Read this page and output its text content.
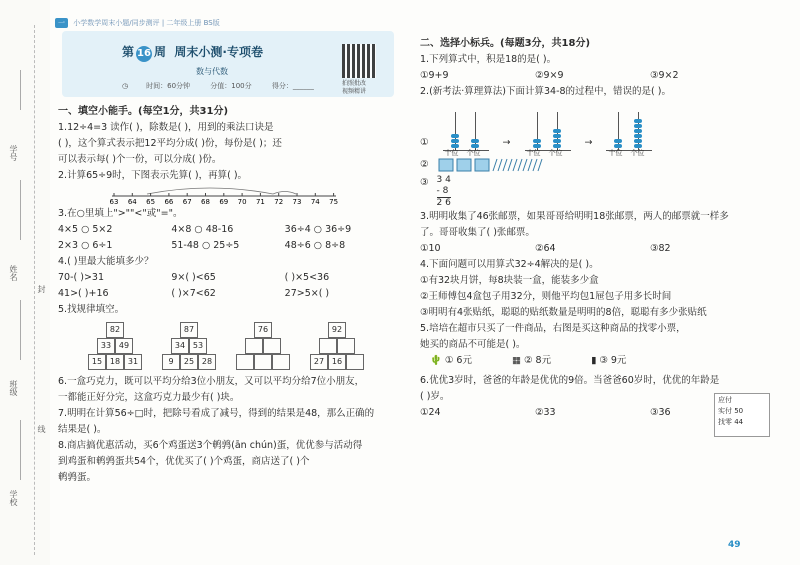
学号
姓名
封
班级
线
学校
一 小学数学周末小题/同步测评 | 二年级上册 BS版
第 16 周 周末小测·专项卷
数与代数
◷	时间：60分钟	分值：100分	得分：______	拍照批改
视频精讲

一、填空小能手。(每空1分，共31分)

1.12÷4=3 读作( )，除数是( )，用到的乘法口诀是

( )，这个算式表示把12平均分成( )份，每份是( )；还

可以表示每( )个一份，可以分成( )份。

2.计算65÷9时，下图表示先算( )，再算( )。

63 64 65 66 67 68 69 70 71 72 73 74 75

3.在○里填上">""<"或"="。

4×5 ○ 5×2	4×8 ○ 48-16	36÷4 ○ 36÷9
2×3 ○ 6÷1	51-48 ○ 25÷5	48÷6 ○ 8÷8

4.( )里最大能填多少？

70-( )>31	9×( )<65	( )×5<36
41>( )+16	( )×7<62	27>5×( )

5.找规律填空。

82
33 49
15 18 31
87
34 53
9	25 28
76	92
27 16

6.一盒巧克力，既可以平均分给3位小朋友，又可以平均分给7位小朋友，

一都能正好分完，这盒巧克力最少有( )块。

7.明明在计算56÷□时，把除号看成了减号，得到的结果是48，那么正确的

结果是( )。

8.商店搞优惠活动，买6个鸡蛋送3个鹌鹑(ān chún)蛋，优优参与活动得

到鸡蛋和鹌鹑蛋共54个，优优买了( )个鸡蛋，商店送了( )个

鹌鹑蛋。

二、选择小标兵。(每题3分，共18分)

1.下列算式中，积是18的是( )。

①9+9	②9×9	③9×2

2.(新考法·算理算法)下面计算34-8的过程中，错误的是( )。

①
十位 个位
→
十位 个位
→
十位 个位
②
③ 3 4
- 8
2 6

3.明明收集了46张邮票，如果哥哥给明明18张邮票，两人的邮票就一样多

了。哥哥收集了( )张邮票。

①10	②64	③82

4.下面问题可以用算式32÷4解决的是( )。

①有32块月饼，每8块装一盒，能装多少盒

②王师傅包4盒包子用32分，则他平均包1屉包子用多长时间

③明明有4张贴纸，聪聪的贴纸数量是明明的8倍，聪聪有多少张贴纸

5.培培在超市只买了一件商品，右图是买这种商品的找零小票，

她买的商品不可能是( )。

🌵 ① 6元	▦ ② 8元	▮ ③ 9元

6.优优3岁时，爸爸的年龄是优优的9倍。当爸爸60岁时，优优的年龄是

( )岁。

①24	②33	③36
应付
实付 50
找零 44
49
